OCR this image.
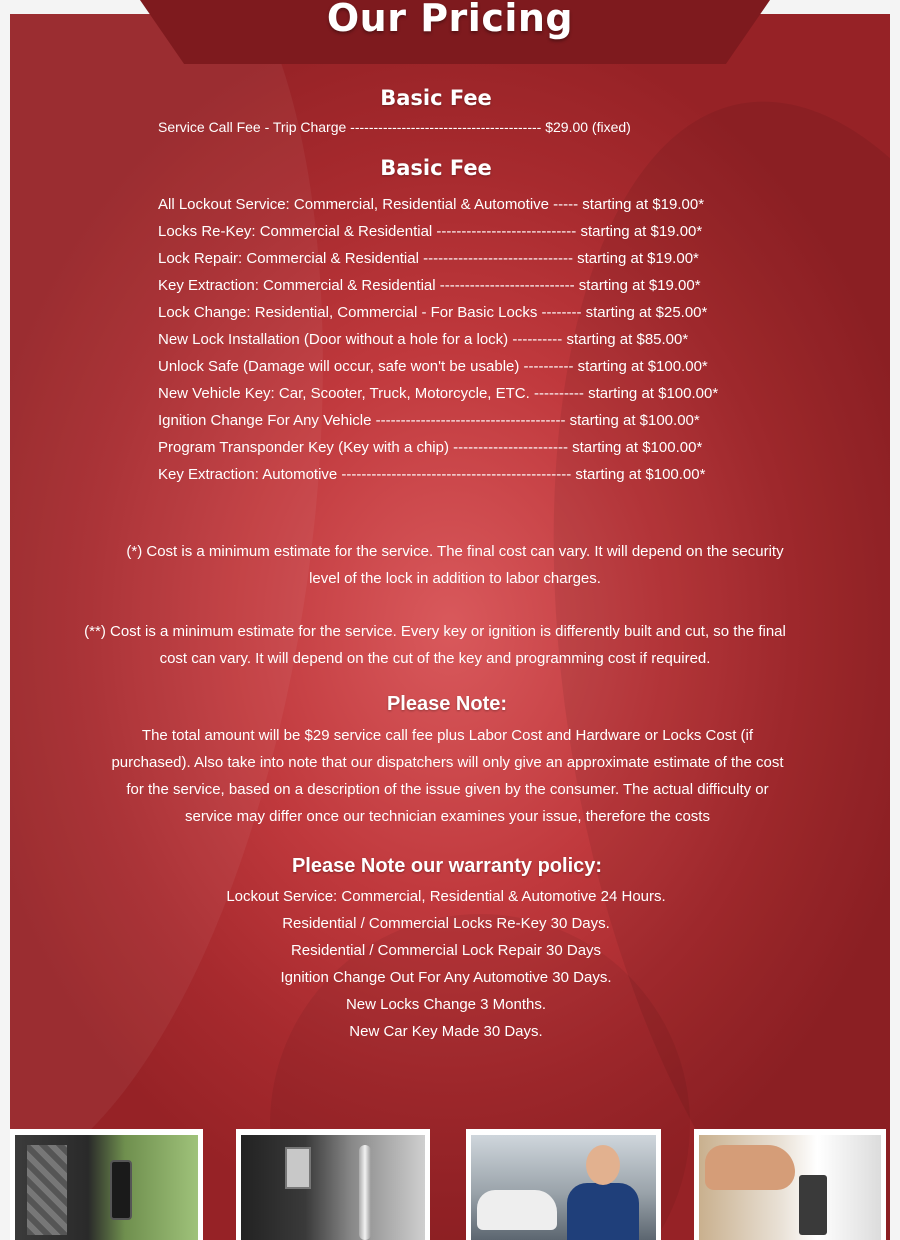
Our Pricing
Basic Fee
Service Call Fee - Trip Charge ----------------------------------------- $29.00 (fixed)
Basic Fee
All Lockout Service: Commercial, Residential & Automotive ----- starting at $19.00*
Locks Re-Key: Commercial & Residential ---------------------------- starting at $19.00*
Lock Repair: Commercial & Residential ------------------------------ starting at $19.00*
Key Extraction: Commercial & Residential --------------------------- starting at $19.00*
Lock Change: Residential, Commercial - For Basic Locks -------- starting at $25.00*
New Lock Installation (Door without a hole for a lock) ---------- starting at $85.00*
Unlock Safe (Damage will occur, safe won't be usable) ---------- starting at $100.00*
New Vehicle Key: Car, Scooter, Truck, Motorcycle, ETC. ---------- starting at $100.00*
Ignition Change For Any Vehicle -------------------------------------- starting at $100.00*
Program Transponder Key (Key with a chip) ----------------------- starting at $100.00*
Key Extraction: Automotive ---------------------------------------------- starting at $100.00*

(*) Cost is a minimum estimate for the service. The final cost can vary. It will depend on the security level of the lock in addition to labor charges.

(**) Cost is a minimum estimate for the service. Every key or ignition is differently built and cut, so the final cost can vary. It will depend on the cut of the key and programming cost if required.

Please Note:

The total amount will be $29 service call fee plus Labor Cost and Hardware or Locks Cost (if purchased). Also take into note that our dispatchers will only give an approximate estimate of the cost for the service, based on a description of the issue given by the consumer. The actual difficulty or service may differ once our technician examines your issue, therefore the costs

Please Note our warranty policy:
Lockout Service: Commercial, Residential & Automotive 24 Hours.
Residential / Commercial Locks Re-Key 30 Days.
Residential / Commercial Lock Repair 30 Days
Ignition Change Out For Any Automotive 30 Days.
New Locks Change 3 Months.
New Car Key Made 30 Days.
